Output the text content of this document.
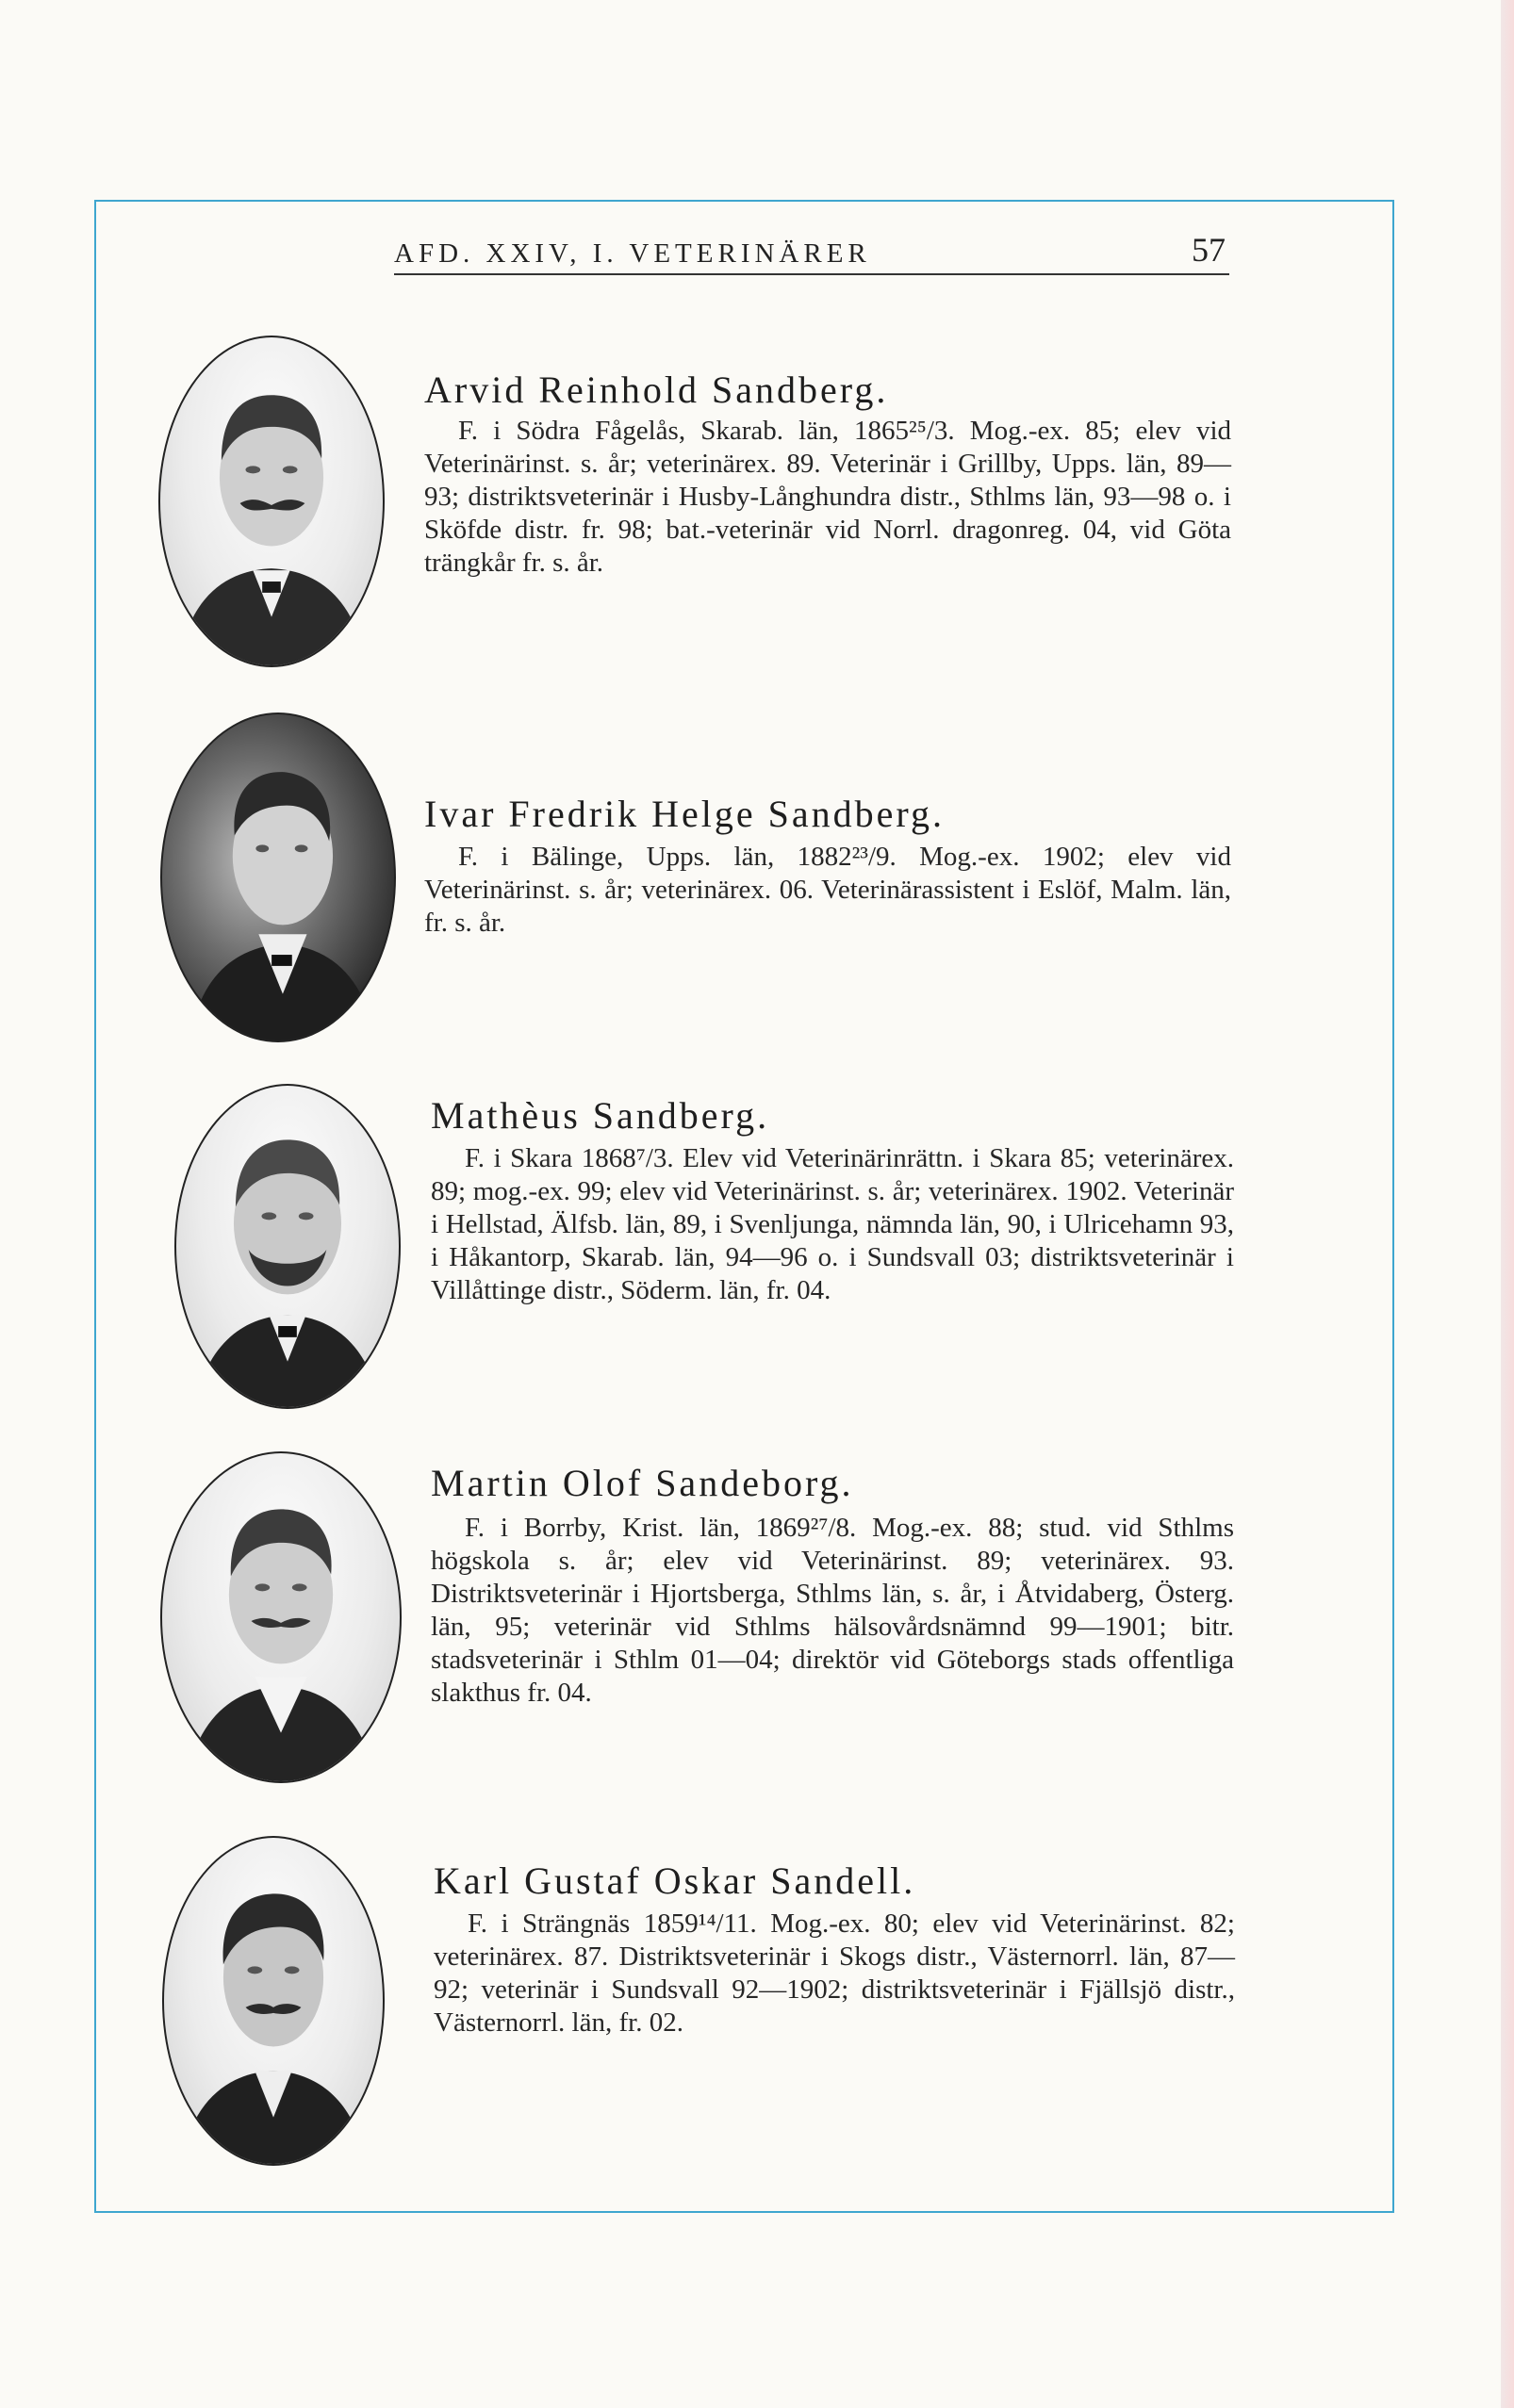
AFD. XXIV, I. VETERINÄRER	57
Arvid Reinhold Sandberg.

F. i Södra Fågelås, Skarab. län, 1865²⁵/3. Mog.-ex. 85; elev vid Veterinärinst. s. år; veterinärex. 89. Veterinär i Grillby, Upps. län, 89—93; distriktsveterinär i Husby-Långhundra distr., Sthlms län, 93—98 o. i Sköfde distr. fr. 98; bat.-veterinär vid Norrl. dragonreg. 04, vid Göta trängkår fr. s. år.

Ivar Fredrik Helge Sandberg.

F. i Bälinge, Upps. län, 1882²³/9. Mog.-ex. 1902; elev vid Veterinärinst. s. år; veterinärex. 06. Veterinärassistent i Eslöf, Malm. län, fr. s. år.

Mathèus Sandberg.

F. i Skara 1868⁷/3. Elev vid Veterinärinrättn. i Skara 85; veterinärex. 89; mog.-ex. 99; elev vid Veterinärinst. s. år; veterinärex. 1902. Veterinär i Hellstad, Älfsb. län, 89, i Svenljunga, nämnda län, 90, i Ulricehamn 93, i Håkantorp, Skarab. län, 94—96 o. i Sundsvall 03; distriktsveterinär i Villåttinge distr., Söderm. län, fr. 04.

Martin Olof Sandeborg.

F. i Borrby, Krist. län, 1869²⁷/8. Mog.-ex. 88; stud. vid Sthlms högskola s. år; elev vid Veterinärinst. 89; veterinärex. 93. Distriktsveterinär i Hjortsberga, Sthlms län, s. år, i Åtvidaberg, Österg. län, 95; veterinär vid Sthlms hälsovårdsnämnd 99—1901; bitr. stadsveterinär i Sthlm 01—04; direktör vid Göteborgs stads offentliga slakthus fr. 04.

Karl Gustaf Oskar Sandell.

F. i Strängnäs 1859¹⁴/11. Mog.-ex. 80; elev vid Veterinärinst. 82; veterinärex. 87. Distriktsveterinär i Skogs distr., Västernorrl. län, 87—92; veterinär i Sundsvall 92—1902; distriktsveterinär i Fjällsjö distr., Västernorrl. län, fr. 02.
